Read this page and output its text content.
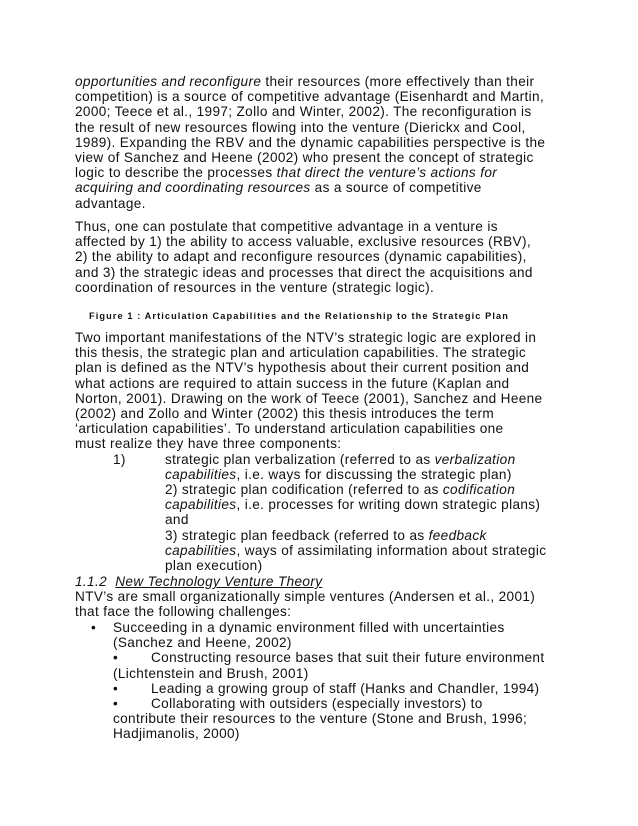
opportunities and reconfigure their resources (more effectively than their
competition) is a source of competitive advantage (Eisenhardt and Martin,
2000; Teece et al., 1997; Zollo and Winter, 2002). The reconfiguration is
the result of new resources flowing into the venture (Dierickx and Cool,
1989). Expanding the RBV and the dynamic capabilities perspective is the
view of Sanchez and Heene (2002) who present the concept of strategic
logic to describe the processes that direct the venture’s actions for
acquiring and coordinating resources as a source of competitive
advantage.
Thus, one can postulate that competitive advantage in a venture is
affected by 1) the ability to access valuable, exclusive resources (RBV),
2) the ability to adapt and reconfigure resources (dynamic capabilities),
and 3) the strategic ideas and processes that direct the acquisitions and
coordination of resources in the venture (strategic logic).
Figure 1 : Articulation Capabilities and the Relationship to the Strategic Plan
Two important manifestations of the NTV’s strategic logic are explored in
this thesis, the strategic plan and articulation capabilities. The strategic
plan is defined as the NTV’s hypothesis about their current position and
what actions are required to attain success in the future (Kaplan and
Norton, 2001). Drawing on the work of Teece (2001), Sanchez and Heene
(2002) and Zollo and Winter (2002) this thesis introduces the term
‘articulation capabilities’. To understand articulation capabilities one
must realize they have three components:
1)	strategic plan verbalization (referred to as verbalization
capabilities, i.e. ways for discussing the strategic plan)
2) strategic plan codification (referred to as codification
capabilities, i.e. processes for writing down strategic plans)
and
3) strategic plan feedback (referred to as feedback
capabilities, ways of assimilating information about strategic
plan execution)
1.1.2 New Technology Venture Theory
NTV’s are small organizationally simple ventures (Andersen et al., 2001)
that face the following challenges:
• Succeeding in a dynamic environment filled with uncertainties
(Sanchez and Heene, 2002)
• Constructing resource bases that suit their future environment
(Lichtenstein and Brush, 2001)
• Leading a growing group of staff (Hanks and Chandler, 1994)
• Collaborating with outsiders (especially investors) to
contribute their resources to the venture (Stone and Brush, 1996;
Hadjimanolis, 2000)
